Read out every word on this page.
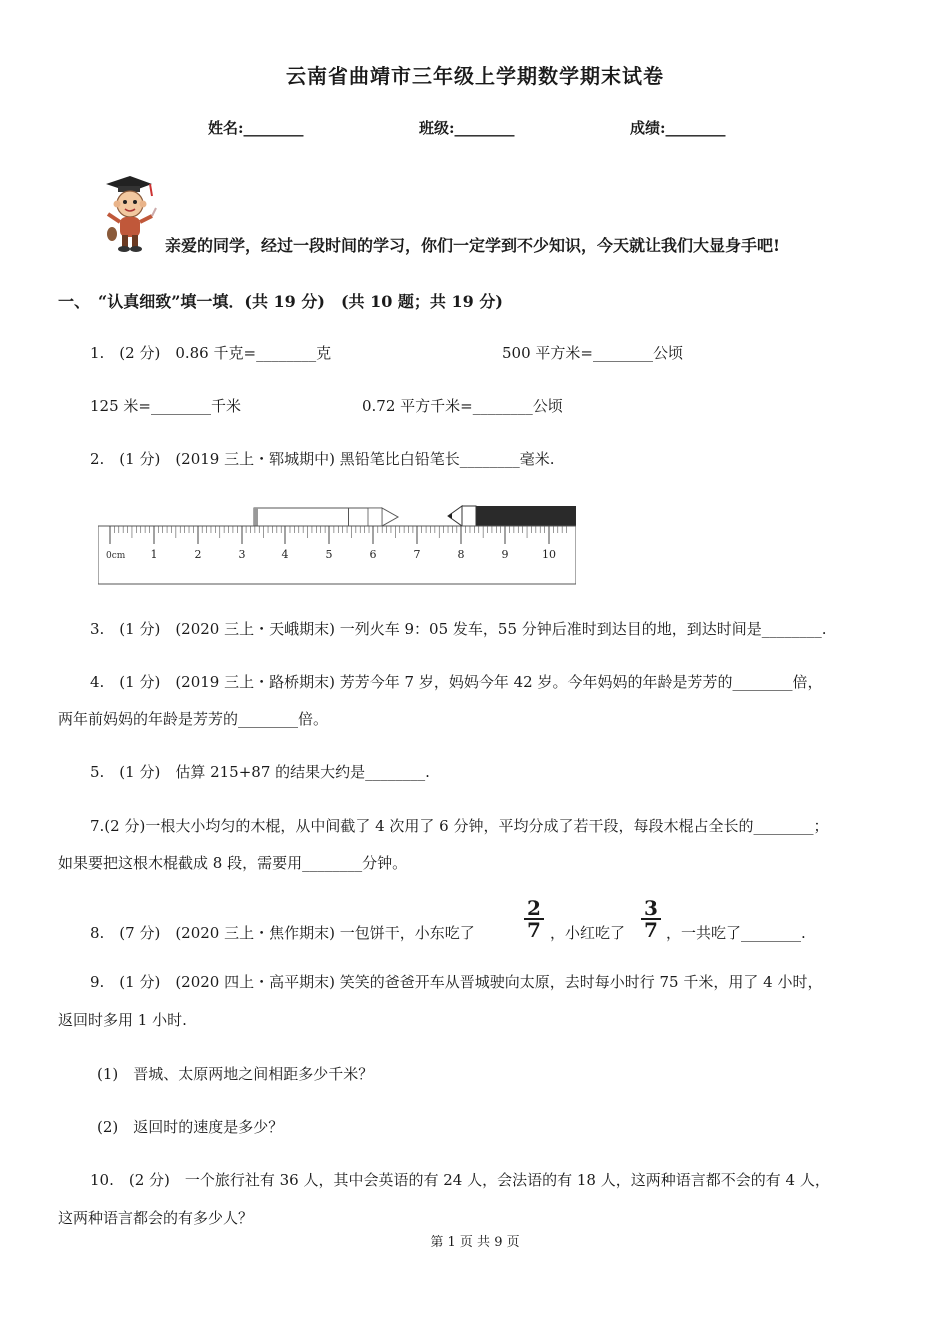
云南省曲靖市三年级上学期数学期末试卷
姓名:________	班级:________	成绩:________
亲爱的同学，经过一段时间的学习，你们一定学到不少知识，今天就让我们大显身手吧!
一、　“认真细致”填一填．(共 19 分)　(共 10 题；共 19 分)
1.　(2 分)　0.86 千克=________克	500 平方米=________公顷
125 米=________千米	0.72 平方千米=________公顷
2.　(1 分)　(2019 三上・郓城期中) 黑铅笔比白铅笔长________毫米.
0cm 1	2	3	4	5	6	7	8	9	10
3.　(1 分)　(2020 三上・天峨期末) 一列火车 9：05 发车，55 分钟后准时到达目的地，到达时间是________.
4.　(1 分)　(2019 三上・路桥期末) 芳芳今年 7 岁，妈妈今年 42 岁。今年妈妈的年龄是芳芳的________倍，
两年前妈妈的年龄是芳芳的________倍。
5.　(1 分)　估算 215+87 的结果大约是________.
7.(2 分)一根大小均匀的木棍，从中间截了 4 次用了 6 分钟，平均分成了若干段，每段木棍占全长的________；
如果要把这根木棍截成 8 段，需要用________分钟。
8.　(7 分)　(2020 三上・焦作期末) 一包饼干，小东吃了 $\frac{2}{7}$ ，小红吃了 $\frac{3}{7}$ ，一共吃了________.
9.　(1 分)　(2020 四上・高平期末) 笑笑的爸爸开车从晋城驶向太原，去时每小时行 75 千米，用了 4 小时，
返回时多用 1 小时.
(1)　晋城、太原两地之间相距多少千米？
(2)　返回时的速度是多少？
10.　(2 分)　一个旅行社有 36 人，其中会英语的有 24 人，会法语的有 18 人，这两种语言都不会的有 4 人，
这两种语言都会的有多少人？
第 1 页 共 9 页
